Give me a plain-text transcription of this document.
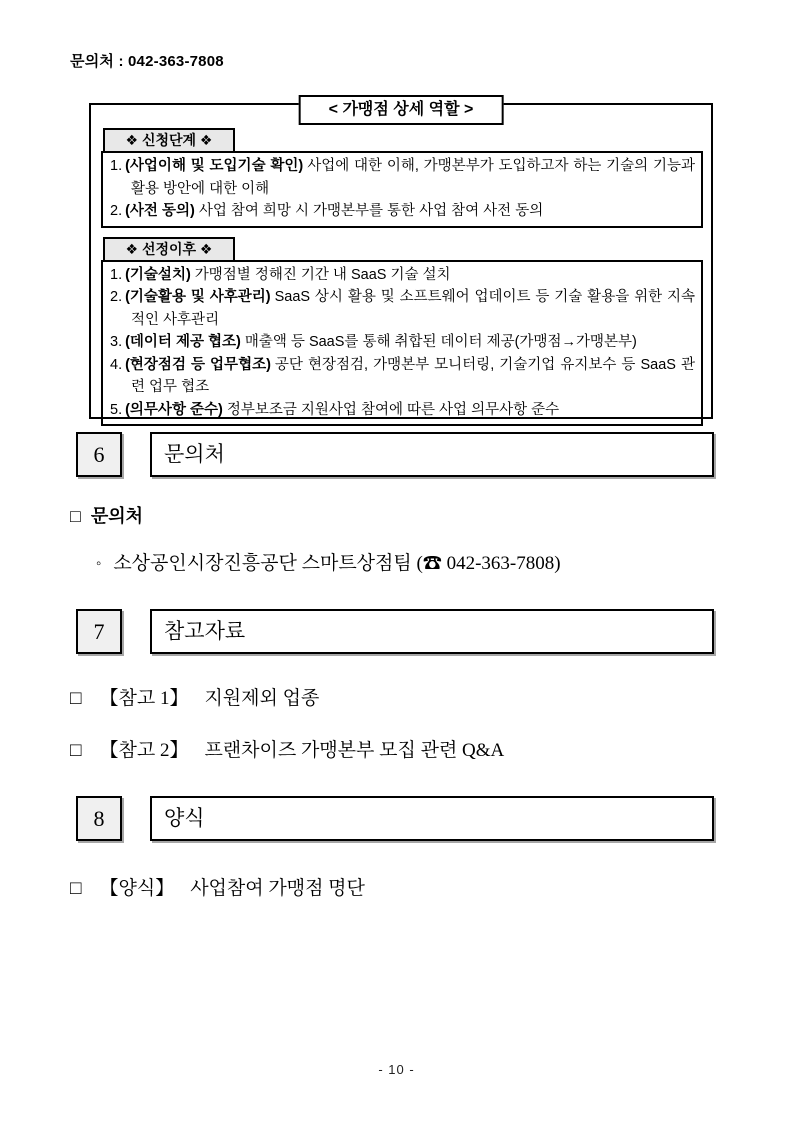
문의처 : 042-363-7808
< 가맹점 상세 역할 >
❖ 신청단계 ❖
1. (사업이해 및 도입기술 확인) 사업에 대한 이해, 가맹본부가 도입하고자 하는 기술의 기능과 활용 방안에 대한 이해
2. (사전 동의) 사업 참여 희망 시 가맹본부를 통한 사업 참여 사전 동의
❖ 선정이후 ❖
1. (기술설치) 가맹점별 정해진 기간 내 SaaS 기술 설치
2. (기술활용 및 사후관리) SaaS 상시 활용 및 소프트웨어 업데이트 등 기술 활용을 위한 지속적인 사후관리
3. (데이터 제공 협조) 매출액 등 SaaS를 통해 취합된 데이터 제공(가맹점→가맹본부)
4. (현장점검 등 업무협조) 공단 현장점검, 가맹본부 모니터링, 기술기업 유지보수 등 SaaS 관련 업무 협조
5. (의무사항 준수) 정부보조금 지원사업 참여에 따른 사업 의무사항 준수
6	문의처
□ 문의처
◦ 소상공인시장진흥공단 스마트상점팀 (☎ 042-363-7808)
7	참고자료
□ 【참고 1】 지원제외 업종
□ 【참고 2】 프랜차이즈 가맹본부 모집 관련 Q&A
8	양식
□ 【양식】 사업참여 가맹점 명단
- 10 -
